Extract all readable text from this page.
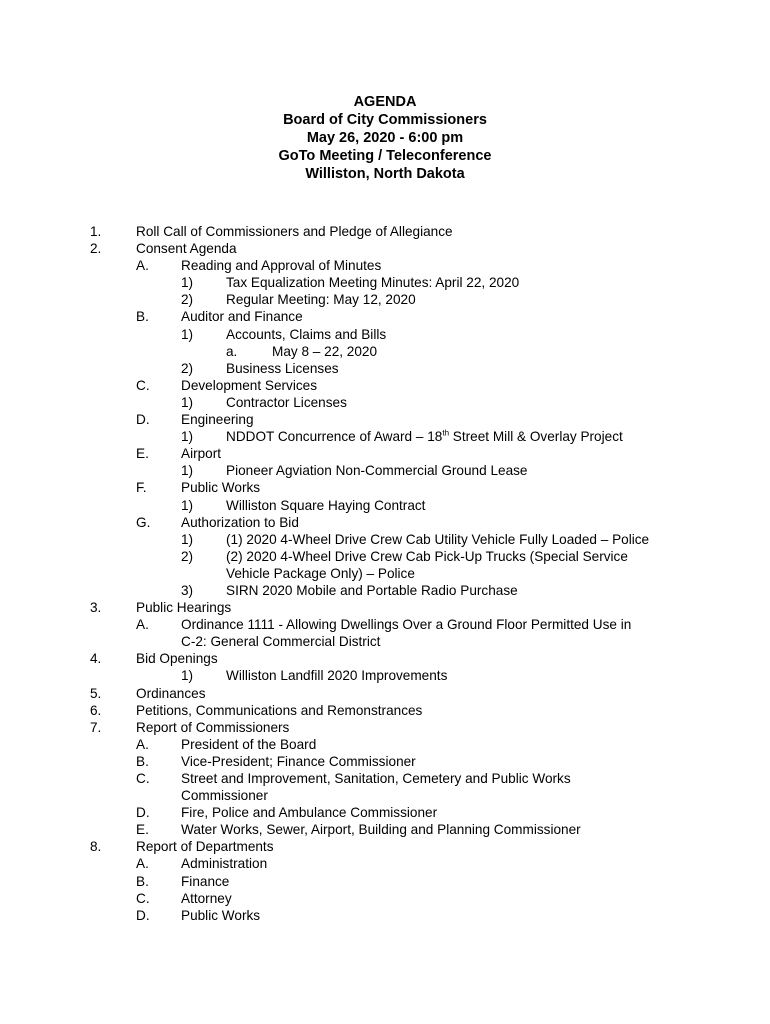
AGENDA
Board of City Commissioners
May 26, 2020 - 6:00 pm
GoTo Meeting / Teleconference
Williston, North Dakota
1.	Roll Call of Commissioners and Pledge of Allegiance
2.	Consent Agenda
A. Reading and Approval of Minutes
1) Tax Equalization Meeting Minutes: April 22, 2020
2) Regular Meeting: May 12, 2020
B. Auditor and Finance
1) Accounts, Claims and Bills
a.	May 8 – 22, 2020
2) Business Licenses
C. Development Services
1) Contractor Licenses
D. Engineering
1) NDDOT Concurrence of Award – 18th Street Mill & Overlay Project
E. Airport
1) Pioneer Agviation Non-Commercial Ground Lease
F.	Public Works
1) Williston Square Haying Contract
G. Authorization to Bid
1) (1) 2020 4-Wheel Drive Crew Cab Utility Vehicle Fully Loaded – Police
2) (2) 2020 4-Wheel Drive Crew Cab Pick-Up Trucks (Special Service
Vehicle Package Only) – Police
3) SIRN 2020 Mobile and Portable Radio Purchase
3.	Public Hearings
A. Ordinance 1111 - Allowing Dwellings Over a Ground Floor Permitted Use in
C-2: General Commercial District
4.	Bid Openings
1) Williston Landfill 2020 Improvements
5.	Ordinances
6.	Petitions, Communications and Remonstrances
7.	Report of Commissioners
A. President of the Board
B. Vice-President; Finance Commissioner
C. Street and Improvement, Sanitation, Cemetery and Public Works
Commissioner
D. Fire, Police and Ambulance Commissioner
E. Water Works, Sewer, Airport, Building and Planning Commissioner
8.	Report of Departments
A. Administration
B. Finance
C. Attorney
D. Public Works
